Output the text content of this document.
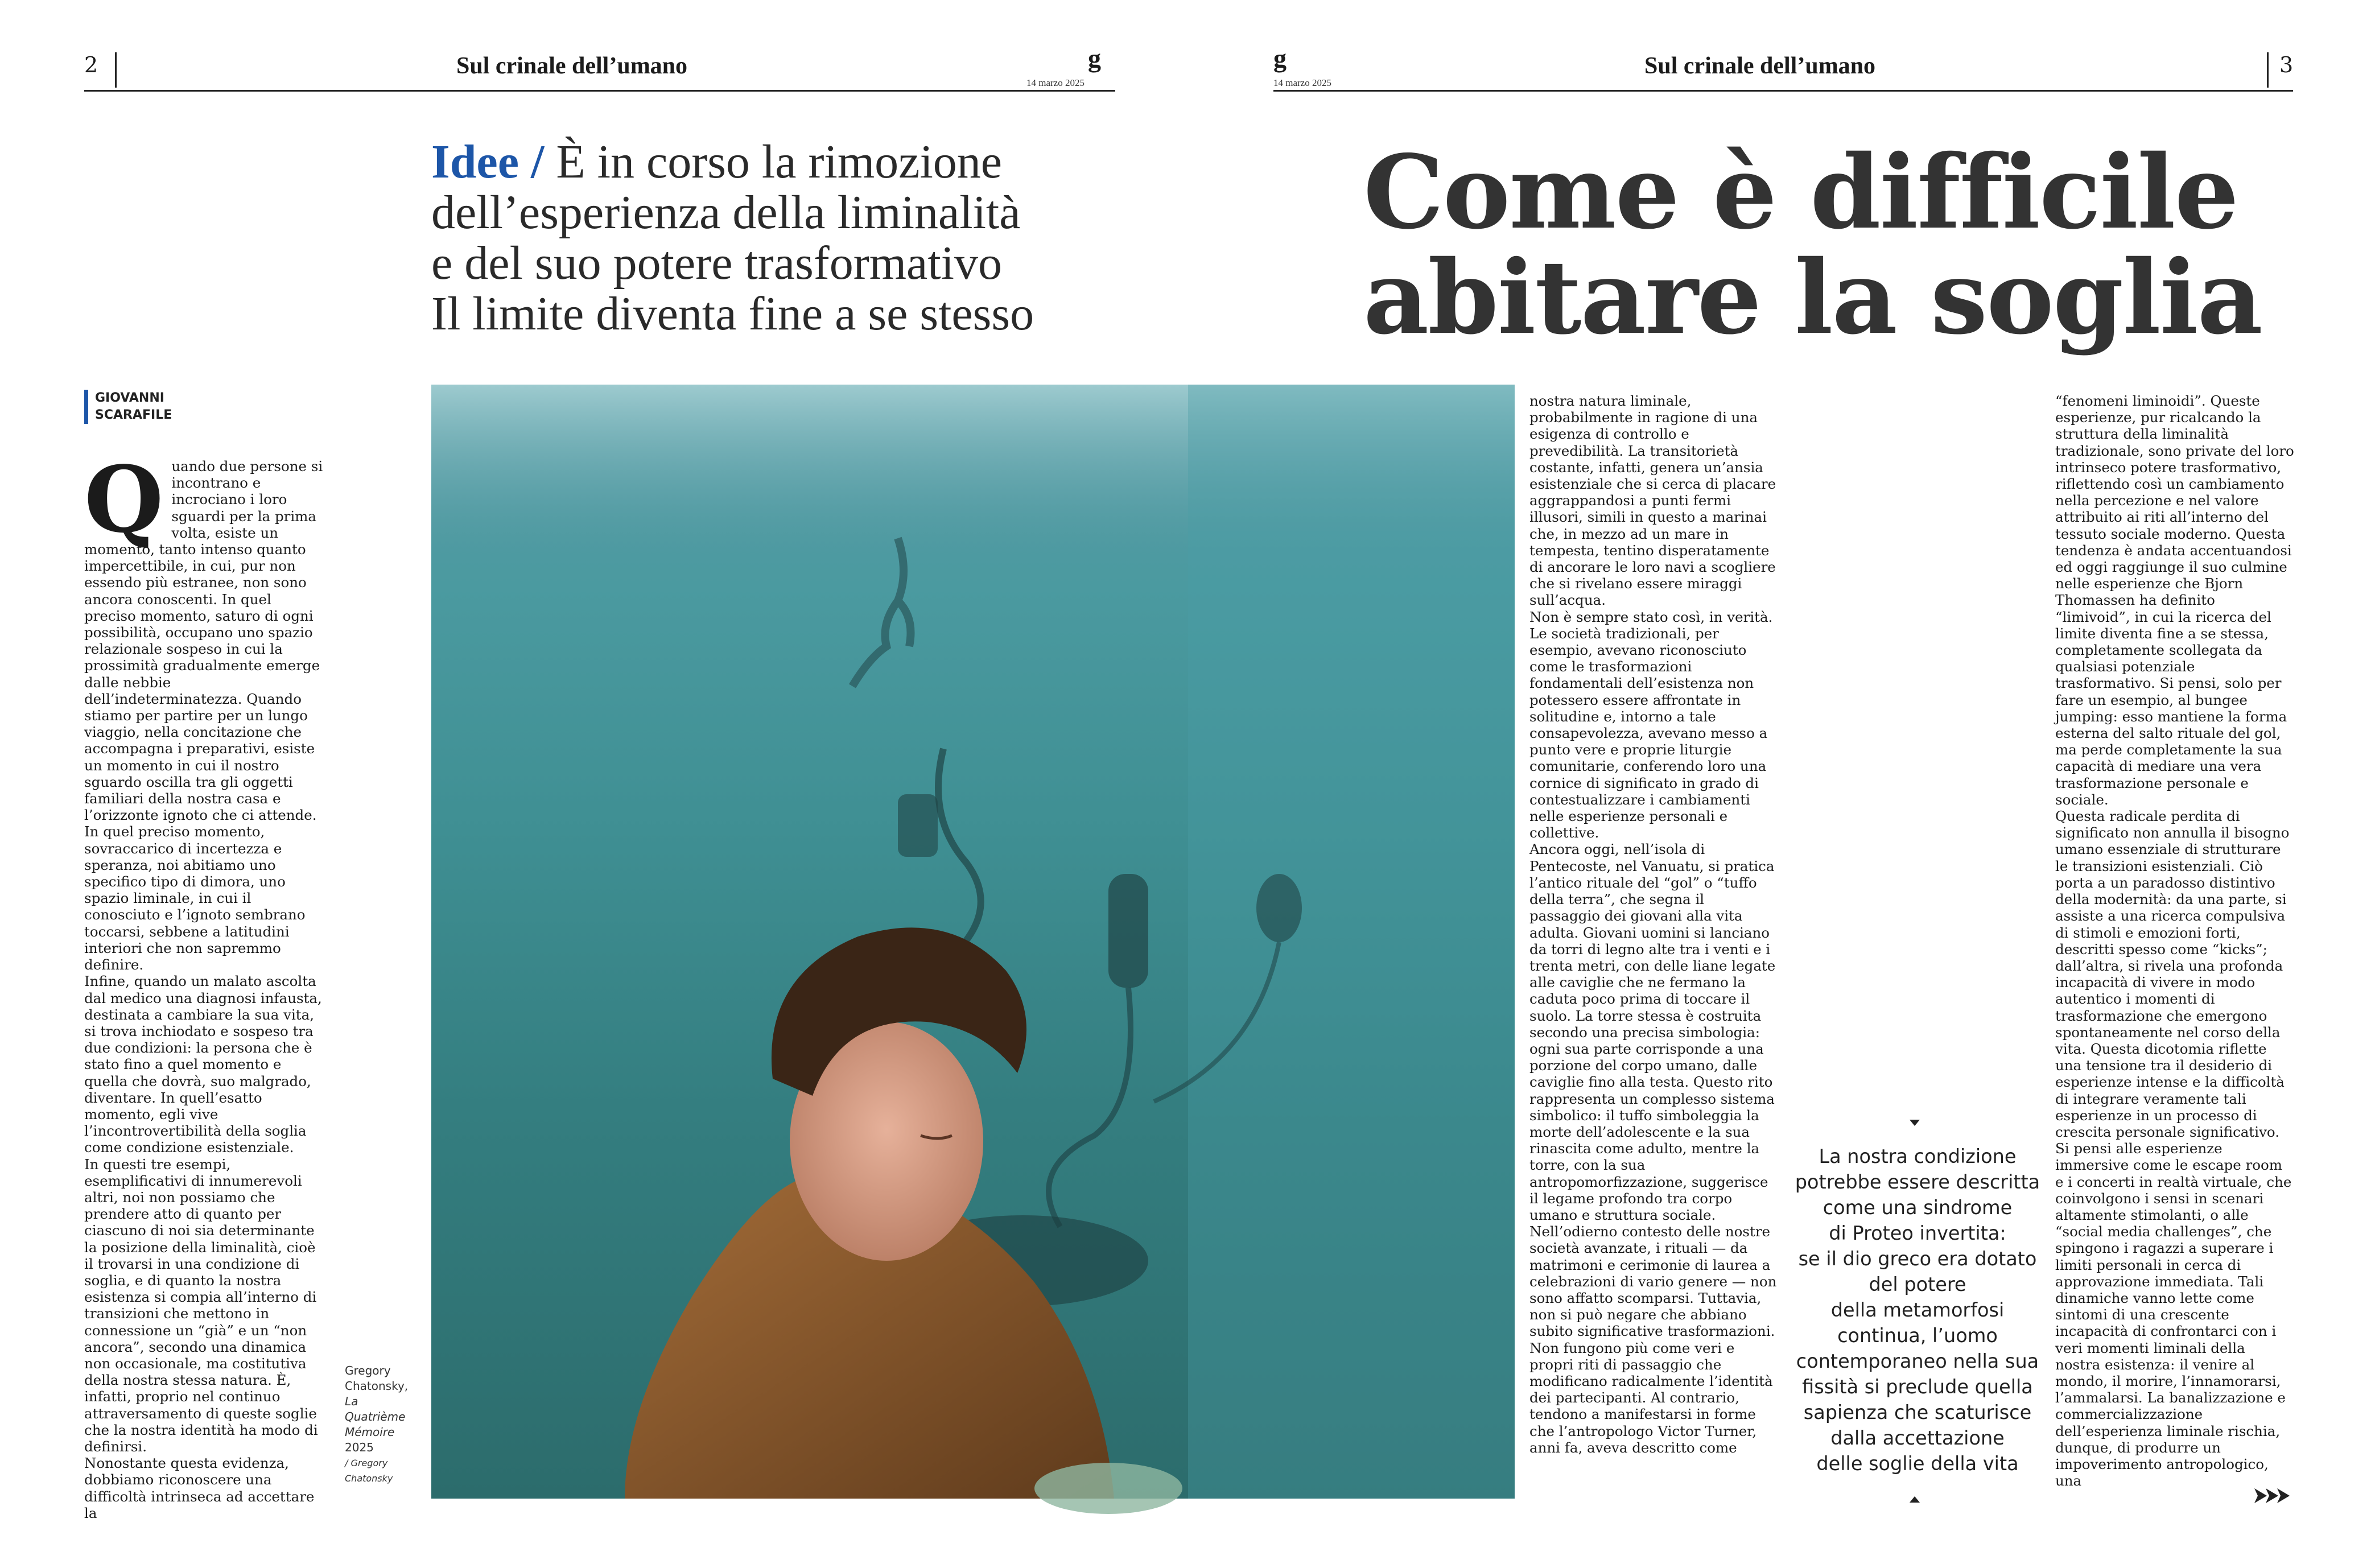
2	Sul crinale dell’umano	g
14 marzo 2025
g
14 marzo 2025
Sul crinale dell’umano	3
Idee / È in corso la rimozione
dell’esperienza della liminalità
e del suo potere trasformativo
Il limite diventa fine a se stesso
Come è difficile
abitare la soglia
GIOVANNI
SCARAFILE
Q uando due persone si incontrano e incrociano i loro sguardi per la prima volta, esiste un momento, tanto intenso quanto impercettibile, in cui, pur non essendo più estranee, non sono ancora conoscenti. In quel preciso momento, saturo di ogni possibilità, occupano uno spazio relazionale sospeso in cui la prossimità gradualmente emerge dalle nebbie dell’indeterminatezza. Quando stiamo per partire per un lungo viaggio, nella concitazione che accompagna i preparativi, esiste un momento in cui il nostro sguardo oscilla tra gli oggetti familiari della nostra casa e l’orizzonte ignoto che ci attende. In quel preciso momento, sovraccarico di incertezza e speranza, noi abitiamo uno specifico tipo di dimora, uno spazio liminale, in cui il conosciuto e l’ignoto sembrano toccarsi, sebbene a latitudini interiori che non sapremmo definire.
Infine, quando un malato ascolta dal medico una diagnosi infausta, destinata a cambiare la sua vita, si trova inchiodato e sospeso tra due condizioni: la persona che è stato fino a quel momento e quella che dovrà, suo malgrado, diventare. In quell’esatto momento, egli vive l’incontrovertibilità della soglia come condizione esistenziale.
In questi tre esempi, esemplificativi di innumerevoli altri, noi non possiamo che prendere atto di quanto per ciascuno di noi sia determinante la posizione della liminalità, cioè il trovarsi in una condizione di soglia, e di quanto la nostra esistenza si compia all’interno di transizioni che mettono in connessione un “già” e un “non ancora”, secondo una dinamica non occasionale, ma costitutiva della nostra stessa natura. È, infatti, proprio nel continuo attraversamento di queste soglie che la nostra identità ha modo di definirsi.
Nonostante questa evidenza, dobbiamo riconoscere una difficoltà intrinseca ad accettare la

Gregory
Chatonsky,
La
Quatrième
Mémoire
2025
/ Gregory
Chatonsky

nostra natura liminale, probabilmente in ragione di una esigenza di controllo e prevedibilità. La transitorietà costante, infatti, genera un’ansia esistenziale che si cerca di placare aggrappandosi a punti fermi illusori, simili in questo a marinai che, in mezzo ad un mare in tempesta, tentino disperatamente di ancorare le loro navi a scogliere che si rivelano essere miraggi sull’acqua.
Non è sempre stato così, in verità. Le società tradizionali, per esempio, avevano riconosciuto come le trasformazioni fondamentali dell’esistenza non potessero essere affrontate in solitudine e, intorno a tale consapevolezza, avevano messo a punto vere e proprie liturgie comunitarie, conferendo loro una cornice di significato in grado di contestualizzare i cambiamenti nelle esperienze personali e collettive.
Ancora oggi, nell’isola di Pentecoste, nel Vanuatu, si pratica l’antico rituale del “gol” o “tuffo della terra”, che segna il passaggio dei giovani alla vita adulta. Giovani uomini si lanciano da torri di legno alte tra i venti e i trenta metri, con delle liane legate alle caviglie che ne fermano la caduta poco prima di toccare il suolo. La torre stessa è costruita secondo una precisa simbologia: ogni sua parte corrisponde a una porzione del corpo umano, dalle caviglie fino alla testa. Questo rito rappresenta un complesso sistema simbolico: il tuffo simboleggia la morte dell’adolescente e la sua rinascita come adulto, mentre la torre, con la sua antropomorfizzazione, suggerisce il legame profondo tra corpo umano e struttura sociale.
Nell’odierno contesto delle nostre società avanzate, i rituali — da matrimoni e cerimonie di laurea a celebrazioni di vario genere — non sono affatto scomparsi. Tuttavia, non si può negare che abbiano subito significative trasformazioni. Non fungono più come veri e propri riti di passaggio che modificano radicalmente l’identità dei partecipanti. Al contrario, tendono a manifestarsi in forme che l’antropologo Victor Turner, anni fa, aveva descritto come

La nostra condizione
potrebbe essere descritta
come una sindrome
di Proteo invertita:
se il dio greco era dotato
del potere
della metamorfosi
continua, l’uomo
contemporaneo nella sua
fissità si preclude quella
sapienza che scaturisce
dalla accettazione
delle soglie della vita

“fenomeni liminoidi”. Queste esperienze, pur ricalcando la struttura della liminalità tradizionale, sono private del loro intrinseco potere trasformativo, riflettendo così un cambiamento nella percezione e nel valore attribuito ai riti all’interno del tessuto sociale moderno. Questa tendenza è andata accentuandosi ed oggi raggiunge il suo culmine nelle esperienze che Bjorn Thomassen ha definito “limivoid”, in cui la ricerca del limite diventa fine a se stessa, completamente scollegata da qualsiasi potenziale trasformativo. Si pensi, solo per fare un esempio, al bungee jumping: esso mantiene la forma esterna del salto rituale del gol, ma perde completamente la sua capacità di mediare una vera trasformazione personale e sociale.
Questa radicale perdita di significato non annulla il bisogno umano essenziale di strutturare le transizioni esistenziali. Ciò porta a un paradosso distintivo della modernità: da una parte, si assiste a una ricerca compulsiva di stimoli e emozioni forti, descritti spesso come “kicks”; dall’altra, si rivela una profonda incapacità di vivere in modo autentico i momenti di trasformazione che emergono spontaneamente nel corso della vita. Questa dicotomia riflette una tensione tra il desiderio di esperienze intense e la difficoltà di integrare veramente tali esperienze in un processo di crescita personale significativo.
Si pensi alle esperienze immersive come le escape room e i concerti in realtà virtuale, che coinvolgono i sensi in scenari altamente stimolanti, o alle “social media challenges”, che spingono i ragazzi a superare i limiti personali in cerca di approvazione immediata. Tali dinamiche vanno lette come sintomi di una crescente incapacità di confrontarci con i veri momenti liminali della nostra esistenza: il venire al mondo, il morire, l’innamorarsi, l’ammalarsi. La banalizzazione e commercializzazione dell’esperienza liminale rischia, dunque, di produrre un impoverimento antropologico, una
